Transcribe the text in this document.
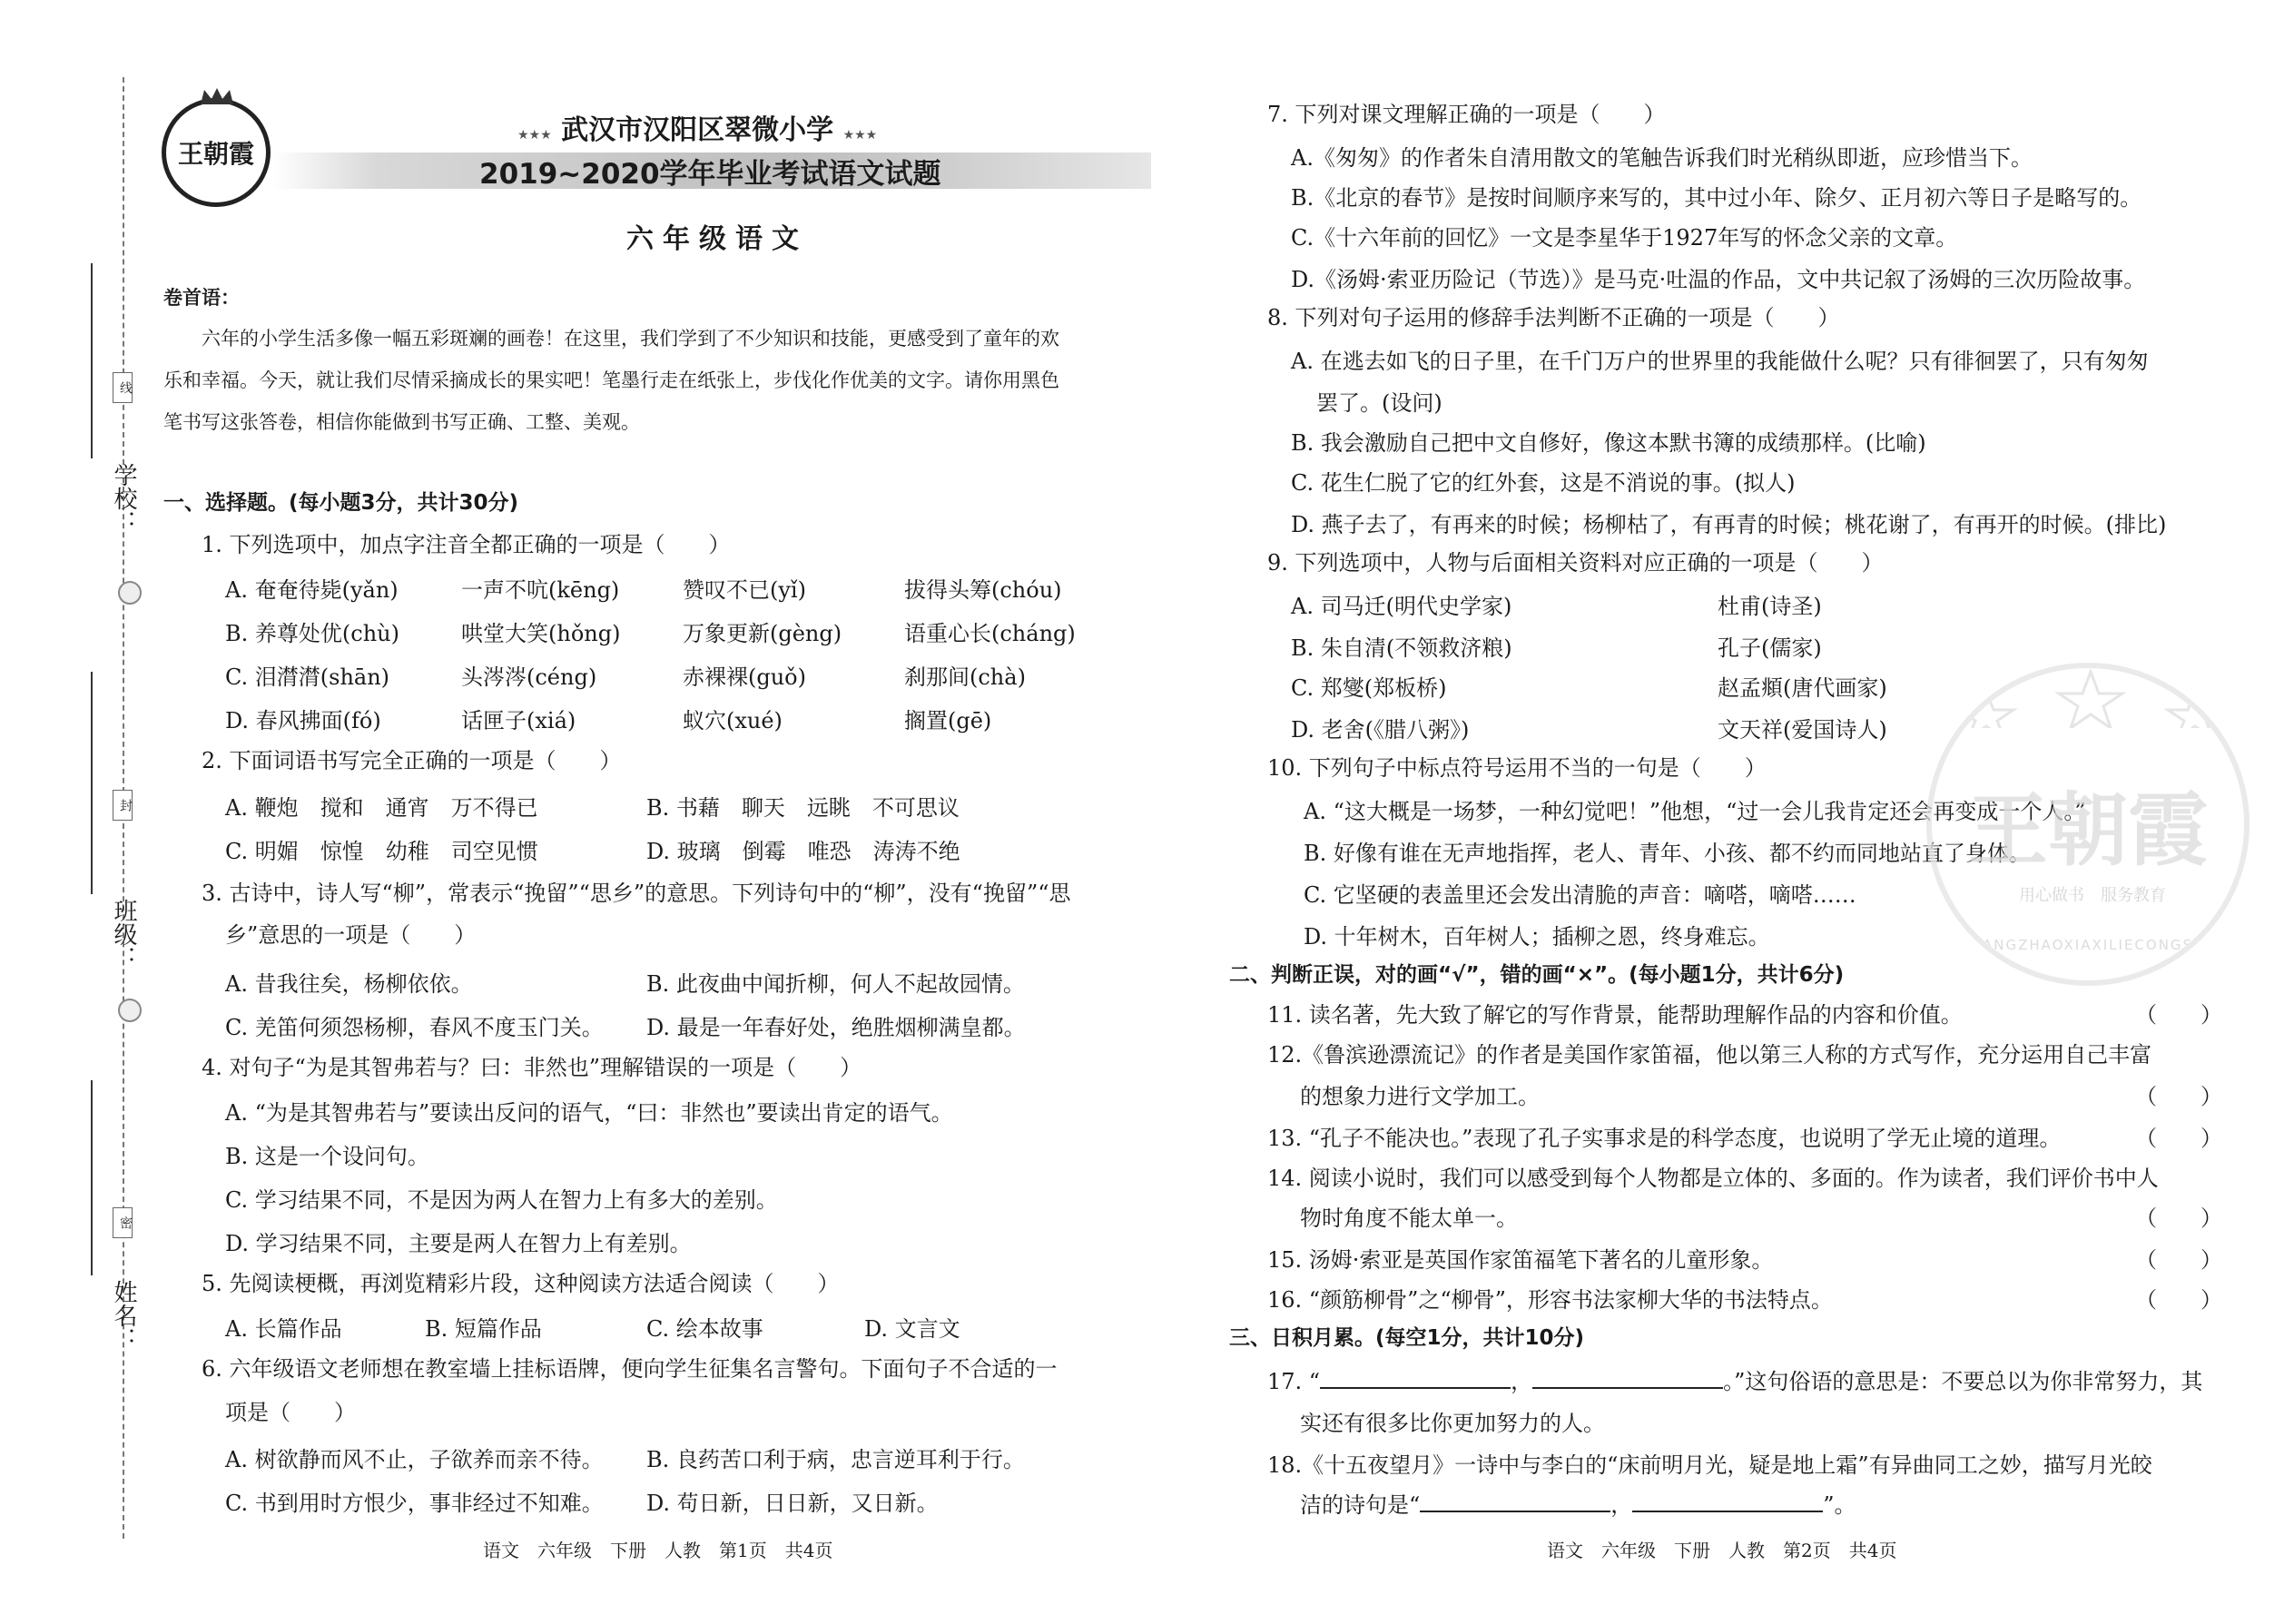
线
封
密
学校：
班级：
姓名：
王朝霞
★★★ 武汉市汉阳区翠微小学 ★★★
2019~2020学年毕业考试语文试题
六年级语文
卷首语：
六年的小学生活多像一幅五彩斑斓的画卷！在这里，我们学到了不少知识和技能，更感受到了童年的欢
乐和幸福。今天，就让我们尽情采摘成长的果实吧！笔墨行走在纸张上，步伐化作优美的文字。请你用黑色
笔书写这张答卷，相信你能做到书写正确、工整、美观。
一、选择题。(每小题3分，共计30分)
1. 下列选项中，加点字注音全都正确的一项是（　　）
A. 奄奄待毙(yǎn)	一声不吭(kēng)	赞叹不已(yǐ)	拔得头筹(chóu)
B. 养尊处优(chù)	哄堂大笑(hǒng)	万象更新(gèng)	语重心长(cháng)
C. 泪潸潸(shān)	头涔涔(céng)	赤裸裸(guǒ)	刹那间(chà)
D. 春风拂面(fó)	话匣子(xiá)	蚁穴(xué)	搁置(gē)
2. 下面词语书写完全正确的一项是（　　）
A. 鞭炮　搅和　通宵　万不得已	B. 书藉　聊天　远眺　不可思议
C. 明媚　惊惶　幼稚　司空见惯	D. 玻璃　倒霉　唯恐　涛涛不绝
3. 古诗中，诗人写“柳”，常表示“挽留”“思乡”的意思。下列诗句中的“柳”，没有“挽留”“思
乡”意思的一项是（　　）
A. 昔我往矣，杨柳依依。	B. 此夜曲中闻折柳，何人不起故园情。
C. 羌笛何须怨杨柳，春风不度玉门关。 D. 最是一年春好处，绝胜烟柳满皇都。
4. 对句子“为是其智弗若与？曰：非然也”理解错误的一项是（　　）
A. “为是其智弗若与”要读出反问的语气，“曰：非然也”要读出肯定的语气。
B. 这是一个设问句。
C. 学习结果不同，不是因为两人在智力上有多大的差别。
D. 学习结果不同，主要是两人在智力上有差别。
5. 先阅读梗概，再浏览精彩片段，这种阅读方法适合阅读（　　）
A. 长篇作品	B. 短篇作品	C. 绘本故事	D. 文言文
6. 六年级语文老师想在教室墙上挂标语牌，便向学生征集名言警句。下面句子不合适的一
项是（　　）
A. 树欲静而风不止，子欲养而亲不待。 B. 良药苦口利于病，忠言逆耳利于行。
C. 书到用时方恨少，事非经过不知难。 D. 苟日新，日日新，又日新。
语文　六年级　下册　人教　第1页　共4页
7. 下列对课文理解正确的一项是（　　）
A.《匆匆》的作者朱自清用散文的笔触告诉我们时光稍纵即逝，应珍惜当下。
B.《北京的春节》是按时间顺序来写的，其中过小年、除夕、正月初六等日子是略写的。
C.《十六年前的回忆》一文是李星华于1927年写的怀念父亲的文章。
D.《汤姆·索亚历险记（节选）》是马克·吐温的作品，文中共记叙了汤姆的三次历险故事。
8. 下列对句子运用的修辞手法判断不正确的一项是（　　）
A. 在逃去如飞的日子里，在千门万户的世界里的我能做什么呢？只有徘徊罢了，只有匆匆
罢了。(设问)
B. 我会激励自己把中文自修好，像这本默书簿的成绩那样。(比喻)
C. 花生仁脱了它的红外套，这是不消说的事。(拟人)
D. 燕子去了，有再来的时候；杨柳枯了，有再青的时候；桃花谢了，有再开的时候。(排比)
9. 下列选项中，人物与后面相关资料对应正确的一项是（　　）
A. 司马迁(明代史学家)	杜甫(诗圣)
B. 朱自清(不领救济粮)	孔子(儒家)
C. 郑燮(郑板桥)	赵孟頫(唐代画家)
D. 老舍(《腊八粥》)	文天祥(爱国诗人)
10. 下列句子中标点符号运用不当的一句是（　　）
A. “这大概是一场梦，一种幻觉吧！”他想，“过一会儿我肯定还会再变成一个人。”
B. 好像有谁在无声地指挥，老人、青年、小孩、都不约而同地站直了身体。
C. 它坚硬的表盖里还会发出清脆的声音：嘀嗒，嘀嗒……
D. 十年树木，百年树人；插柳之恩，终身难忘。
二、判断正误，对的画“√”，错的画“×”。(每小题1分，共计6分)
11. 读名著，先大致了解它的写作背景，能帮助理解作品的内容和价值。	（　　）
12.《鲁滨逊漂流记》的作者是美国作家笛福，他以第三人称的方式写作，充分运用自己丰富
的想象力进行文学加工。	（　　）
13. “孔子不能决也。”表现了孔子实事求是的科学态度，也说明了学无止境的道理。	（　　）
14. 阅读小说时，我们可以感受到每个人物都是立体的、多面的。作为读者，我们评价书中人
物时角度不能太单一。	（　　）
15. 汤姆·索亚是英国作家笛福笔下著名的儿童形象。	（　　）
16. “颜筋柳骨”之“柳骨”，形容书法家柳大华的书法特点。	（　　）
三、日积月累。(每空1分，共计10分)
17. “	，	。”这句俗语的意思是：不要总以为你非常努力，其
实还有很多比你更加努力的人。
18.《十五夜望月》一诗中与李白的“床前明月光，疑是地上霜”有异曲同工之妙，描写月光皎
洁的诗句是“	，	”。
语文　六年级　下册　人教　第2页　共4页
王朝霞
用心做书　服务教育
WANGZHAOXIAXILIECONGSHU
